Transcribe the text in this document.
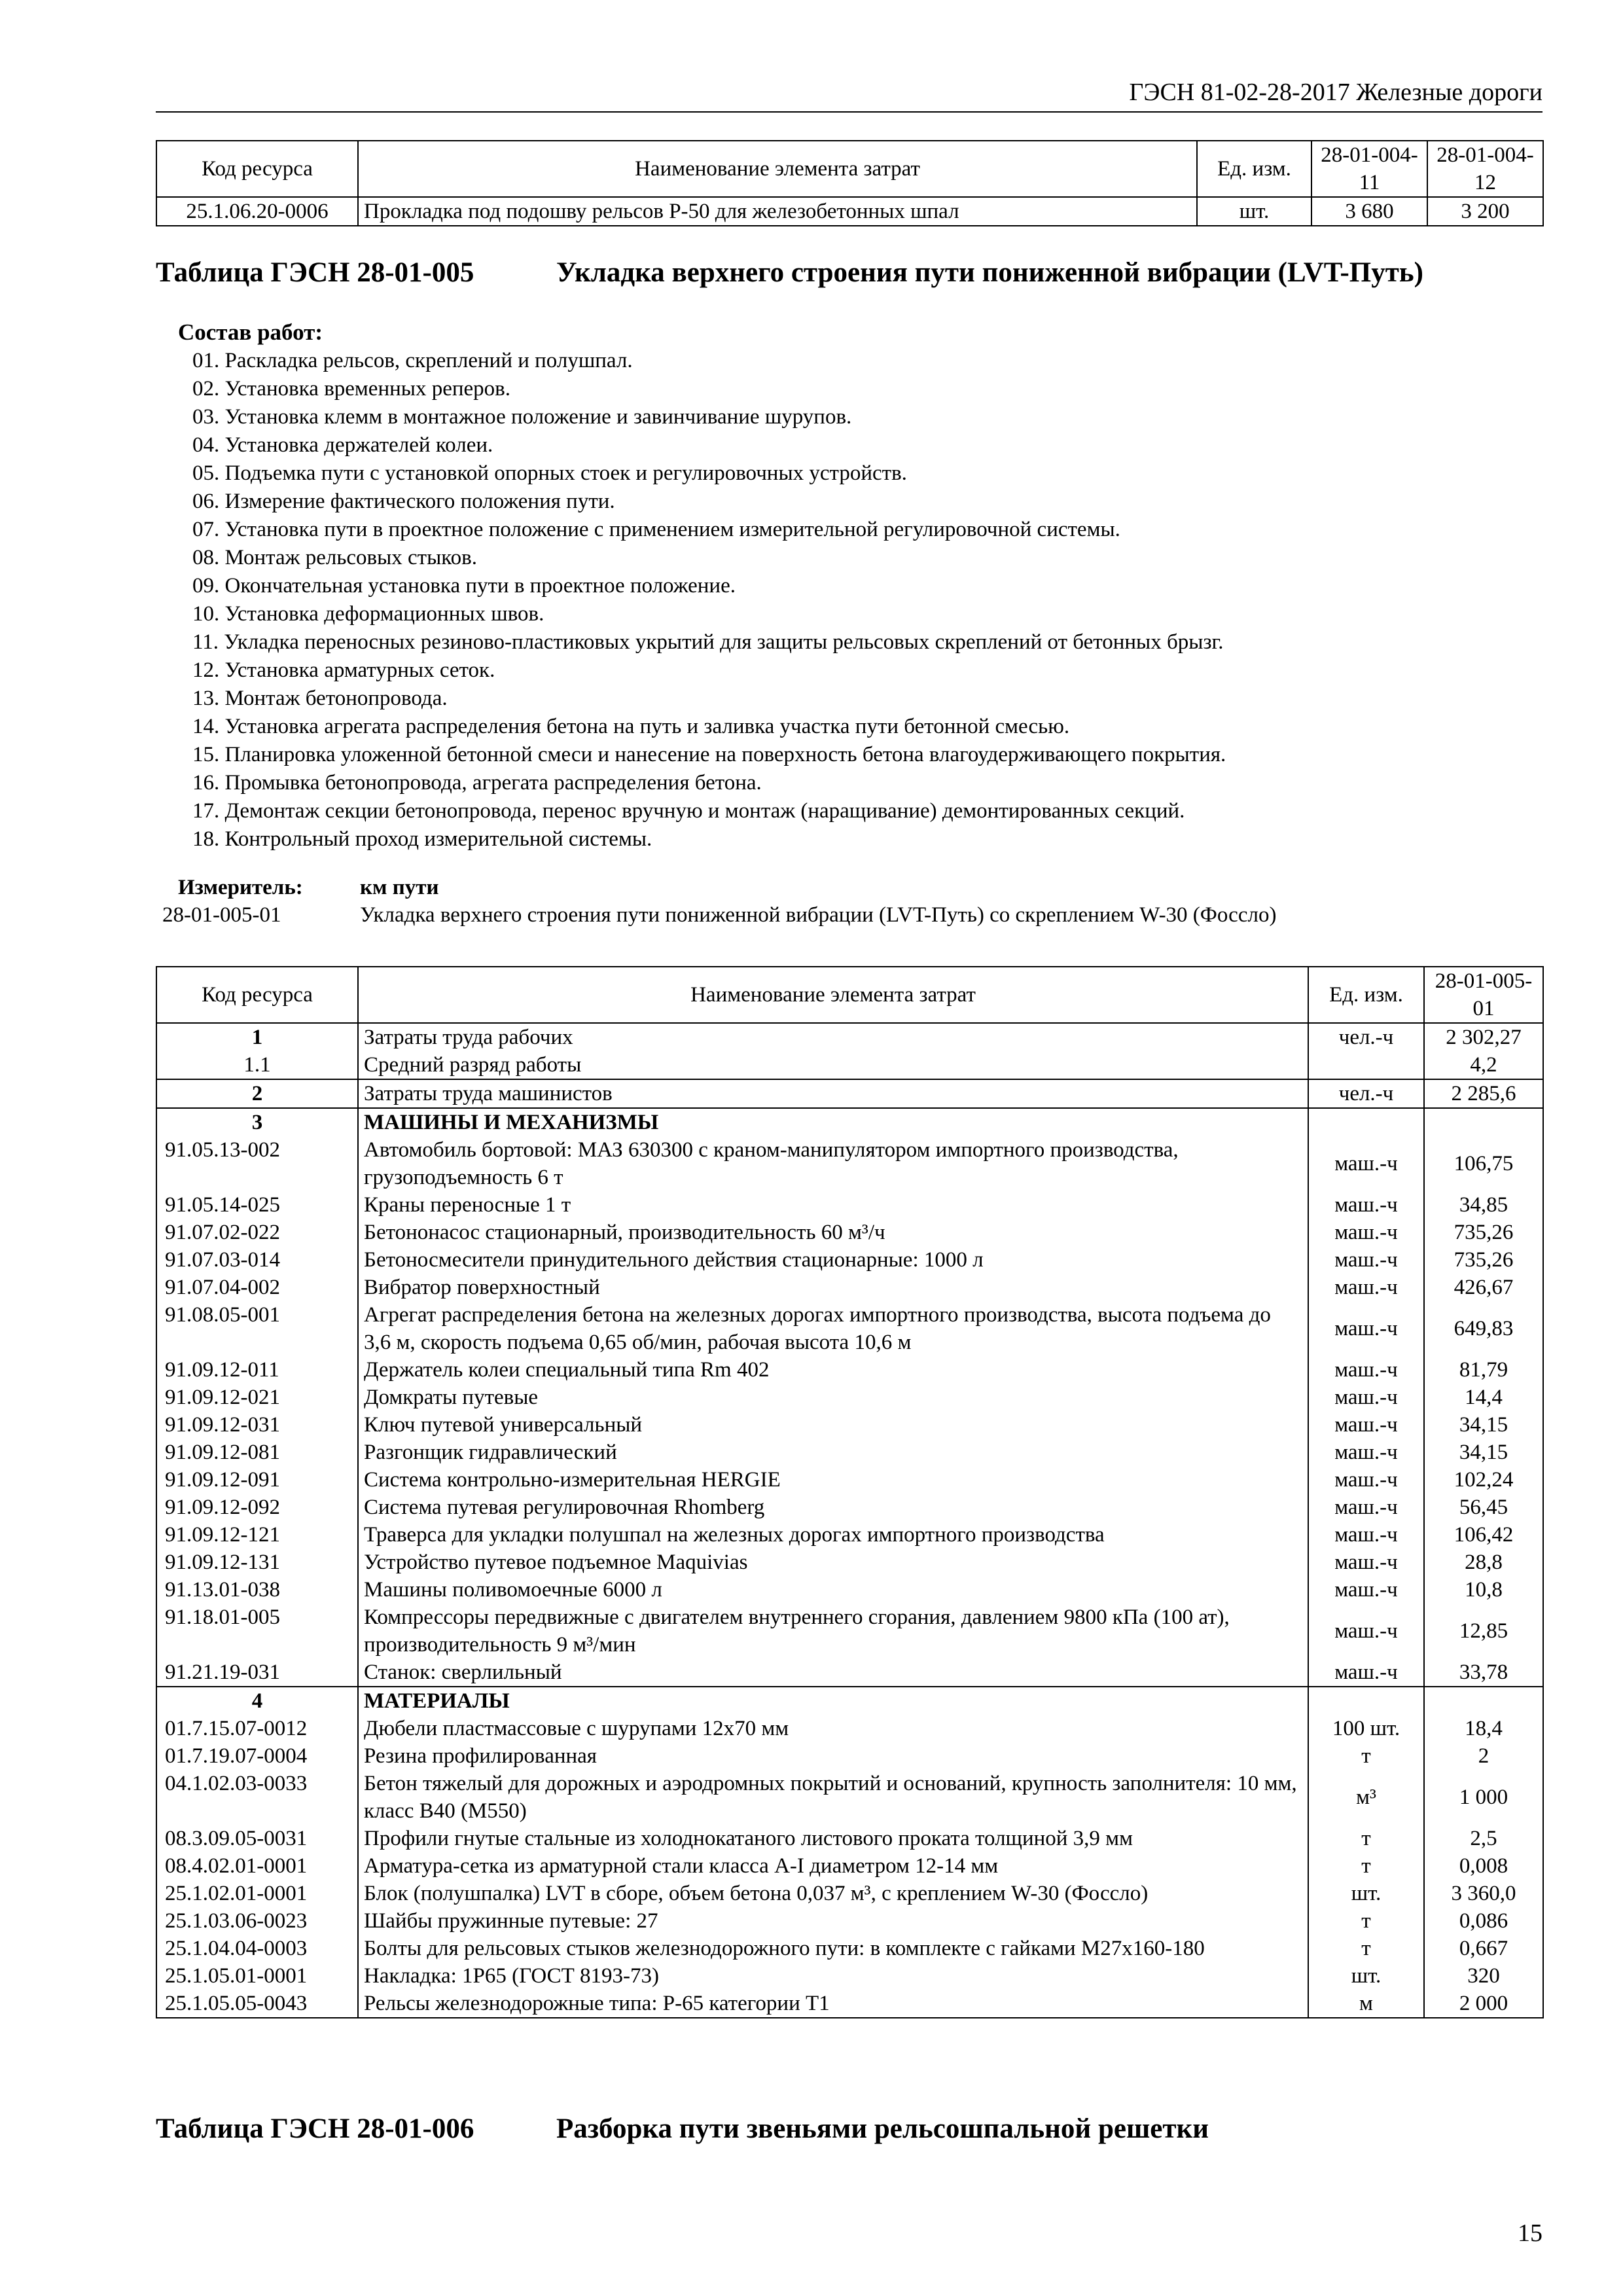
ГЭСН 81-02-28-2017 Железные дороги
Код ресурса	Наименование элемента затрат	Ед. изм.	28-01-004-11	28-01-004-12
25.1.06.20-0006	Прокладка под подошву рельсов Р-50 для железобетонных шпал	шт.	3 680	3 200
Таблица ГЭСН 28-01-005	Укладка верхнего строения пути пониженной вибрации (LVT-Путь)
Состав работ:
01. Раскладка рельсов, скреплений и полушпал.
02. Установка временных реперов.
03. Установка клемм в монтажное положение и завинчивание шурупов.
04. Установка держателей колеи.
05. Подъемка пути с установкой опорных стоек и регулировочных устройств.
06. Измерение фактического положения пути.
07. Установка пути в проектное положение с применением измерительной регулировочной системы.
08. Монтаж рельсовых стыков.
09. Окончательная установка пути в проектное положение.
10. Установка деформационных швов.
11. Укладка переносных резиново-пластиковых укрытий для защиты рельсовых скреплений от бетонных брызг.
12. Установка арматурных сеток.
13. Монтаж бетонопровода.
14. Установка агрегата распределения бетона на путь и заливка участка пути бетонной смесью.
15. Планировка уложенной бетонной смеси и нанесение на поверхность бетона влагоудерживающего покрытия.
16. Промывка бетонопровода, агрегата распределения бетона.
17. Демонтаж секции бетонопровода, перенос вручную и монтаж (наращивание) демонтированных секций.
18. Контрольный проход измерительной системы.
Измеритель:	км пути
28-01-005-01	Укладка верхнего строения пути пониженной вибрации (LVT-Путь) со скреплением W-30 (Фоссло)
Код ресурса	Наименование элемента затрат	Ед. изм.	28-01-005-01
1	Затраты труда рабочих	чел.-ч	2 302,27
1.1	Средний разряд работы		4,2
2	Затраты труда машинистов	чел.-ч	2 285,6
3	МАШИНЫ И МЕХАНИЗМЫ		
91.05.13-002	Автомобиль бортовой: МАЗ 630300 с краном-манипулятором импортного производства, грузоподъемность 6 т	маш.-ч	106,75
91.05.14-025	Краны переносные 1 т	маш.-ч	34,85
91.07.02-022	Бетононасос стационарный, производительность 60 м³/ч	маш.-ч	735,26
91.07.03-014	Бетоносмесители принудительного действия стационарные: 1000 л	маш.-ч	735,26
91.07.04-002	Вибратор поверхностный	маш.-ч	426,67
91.08.05-001	Агрегат распределения бетона на железных дорогах импортного производства, высота подъема до 3,6 м, скорость подъема 0,65 об/мин, рабочая высота 10,6 м	маш.-ч	649,83
91.09.12-011	Держатель колеи специальный типа Rm 402	маш.-ч	81,79
91.09.12-021	Домкраты путевые	маш.-ч	14,4
91.09.12-031	Ключ путевой универсальный	маш.-ч	34,15
91.09.12-081	Разгонщик гидравлический	маш.-ч	34,15
91.09.12-091	Система контрольно-измерительная HERGIE	маш.-ч	102,24
91.09.12-092	Система путевая регулировочная Rhomberg	маш.-ч	56,45
91.09.12-121	Траверса для укладки полушпал на железных дорогах импортного производства	маш.-ч	106,42
91.09.12-131	Устройство путевое подъемное Maquivias	маш.-ч	28,8
91.13.01-038	Машины поливомоечные 6000 л	маш.-ч	10,8
91.18.01-005	Компрессоры передвижные с двигателем внутреннего сгорания, давлением 9800 кПа (100 ат), производительность 9 м³/мин	маш.-ч	12,85
91.21.19-031	Станок: сверлильный	маш.-ч	33,78
4	МАТЕРИАЛЫ		
01.7.15.07-0012	Дюбели пластмассовые с шурупами 12х70 мм	100 шт.	18,4
01.7.19.07-0004	Резина профилированная	т	2
04.1.02.03-0033	Бетон тяжелый для дорожных и аэродромных покрытий и оснований, крупность заполнителя: 10 мм, класс В40 (М550)	м³	1 000
08.3.09.05-0031	Профили гнутые стальные из холоднокатаного листового проката толщиной 3,9 мм	т	2,5
08.4.02.01-0001	Арматура-сетка из арматурной стали класса А-I диаметром 12-14 мм	т	0,008
25.1.02.01-0001	Блок (полушпалка) LVT в сборе, объем бетона 0,037 м³, с креплением W-30 (Фоссло)	шт.	3 360,0
25.1.03.06-0023	Шайбы пружинные путевые: 27	т	0,086
25.1.04.04-0003	Болты для рельсовых стыков железнодорожного пути: в комплекте с гайками М27х160-180	т	0,667
25.1.05.01-0001	Накладка: 1Р65 (ГОСТ 8193-73)	шт.	320
25.1.05.05-0043	Рельсы железнодорожные типа: Р-65 категории Т1	м	2 000
Таблица ГЭСН 28-01-006	Разборка пути звеньями рельсошпальной решетки
15
